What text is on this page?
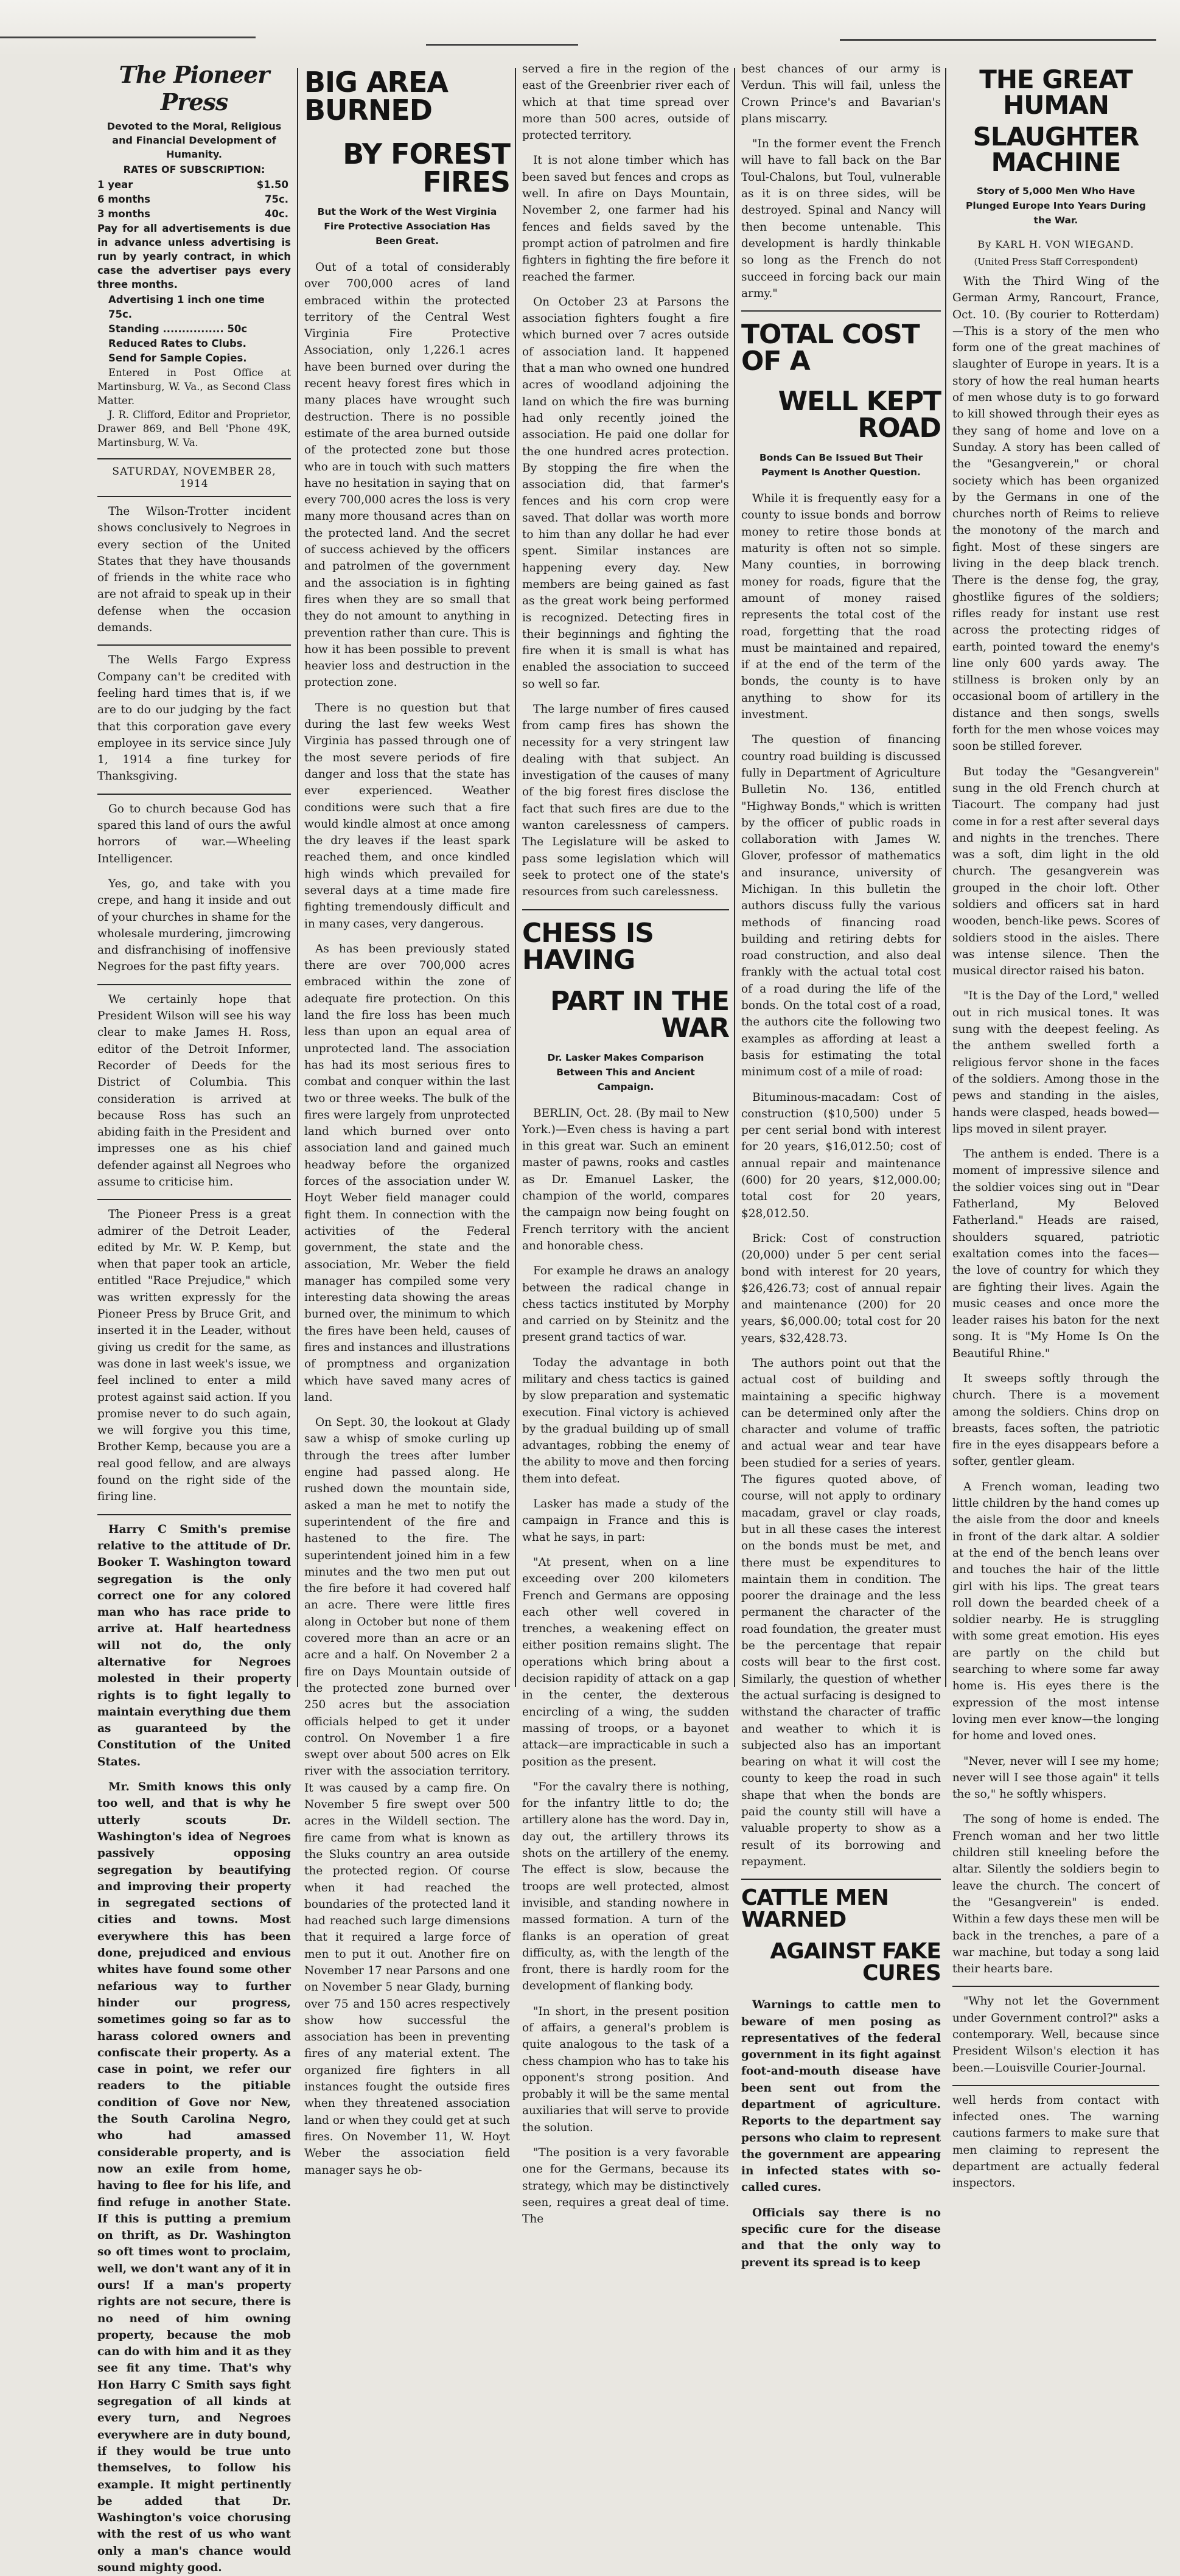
The Pioneer Press
Devoted to the Moral, Religious and Financial Development of Humanity.
RATES OF SUBSCRIPTION:
1 year	$1.50
6 months	75c.
3 months	40c.

Pay for all advertisements is due in advance unless advertising is run by yearly contract, in which case the advertiser pays every three months.

Advertising 1 inch one time 75c.
Standing ................ 50c
Reduced Rates to Clubs.
Send for Sample Copies.

Entered in Post Office at Martinsburg, W. Va., as Second Class Matter.

J. R. Clifford, Editor and Proprietor, Drawer 869, and Bell 'Phone 49K, Martinsburg, W. Va.

SATURDAY, NOVEMBER 28, 1914

The Wilson-Trotter incident shows conclusively to Negroes in every section of the United States that they have thousands of friends in the white race who are not afraid to speak up in their defense when the occasion demands.

The Wells Fargo Express Company can't be credited with feeling hard times that is, if we are to do our judging by the fact that this corporation gave every employee in its service since July 1, 1914 a fine turkey for Thanksgiving.

Go to church because God has spared this land of ours the awful horrors of war.—Wheeling Intelligencer.

Yes, go, and take with you crepe, and hang it inside and out of your churches in shame for the wholesale murdering, jimcrowing and disfranchising of inoffensive Negroes for the past fifty years.

We certainly hope that President Wilson will see his way clear to make James H. Ross, editor of the Detroit Informer, Recorder of Deeds for the District of Columbia. This consideration is arrived at because Ross has such an abiding faith in the President and impresses one as his chief defender against all Negroes who assume to criticise him.

The Pioneer Press is a great admirer of the Detroit Leader, edited by Mr. W. P. Kemp, but when that paper took an article, entitled "Race Prejudice," which was written expressly for the Pioneer Press by Bruce Grit, and inserted it in the Leader, without giving us credit for the same, as was done in last week's issue, we feel inclined to enter a mild protest against said action. If you promise never to do such again, we will forgive you this time, Brother Kemp, because you are a real good fellow, and are always found on the right side of the firing line.

Harry C Smith's premise relative to the attitude of Dr. Booker T. Washington toward segregation is the only correct one for any colored man who has race pride to arrive at. Half heartedness will not do, the only alternative for Negroes molested in their property rights is to fight legally to maintain everything due them as guaranteed by the Constitution of the United States.

Mr. Smith knows this only too well, and that is why he utterly scouts Dr. Washington's idea of Negroes passively opposing segregation by beautifying and improving their property in segregated sections of cities and towns. Most everywhere this has been done, prejudiced and envious whites have found some other nefarious way to further hinder our progress, sometimes going so far as to harass colored owners and confiscate their property. As a case in point, we refer our readers to the pitiable condition of Gove nor New, the South Carolina Negro, who had amassed considerable property, and is now an exile from home, having to flee for his life, and find refuge in another State. If this is putting a premium on thrift, as Dr. Washington so oft times wont to proclaim, well, we don't want any of it in ours! If a man's property rights are not secure, there is no need of him owning property, because the mob can do with him and it as they see fit any time. That's why Hon Harry C Smith says fight segregation of all kinds at every turn, and Negroes everywhere are in duty bound, if they would be true unto themselves, to follow his example. It might pertinently be added that Dr. Washington's voice chorusing with the rest of us who want only a man's chance would sound mighty good.

BIG AREA BURNED
BY FOREST FIRES
But the Work of the West Virginia Fire Protective Association Has Been Great.

Out of a total of considerably over 700,000 acres of land embraced within the protected territory of the Central West Virginia Fire Protective Association, only 1,226.1 acres have been burned over during the recent heavy forest fires which in many places have wrought such destruction. There is no possible estimate of the area burned outside of the protected zone but those who are in touch with such matters have no hesitation in saying that on every 700,000 acres the loss is very many more thousand acres than on the protected land. And the secret of success achieved by the officers and patrolmen of the government and the association is in fighting fires when they are so small that they do not amount to anything in prevention rather than cure. This is how it has been possible to prevent heavier loss and destruction in the protection zone.

There is no question but that during the last few weeks West Virginia has passed through one of the most severe periods of fire danger and loss that the state has ever experienced. Weather conditions were such that a fire would kindle almost at once among the dry leaves if the least spark reached them, and once kindled high winds which prevailed for several days at a time made fire fighting tremendously difficult and in many cases, very dangerous.

As has been previously stated there are over 700,000 acres embraced within the zone of adequate fire protection. On this land the fire loss has been much less than upon an equal area of unprotected land. The association has had its most serious fires to combat and conquer within the last two or three weeks. The bulk of the fires were largely from unprotected land which burned over onto association land and gained much headway before the organized forces of the association under W. Hoyt Weber field manager could fight them. In connection with the activities of the Federal government, the state and the association, Mr. Weber the field manager has compiled some very interesting data showing the areas burned over, the minimum to which the fires have been held, causes of fires and instances and illustrations of promptness and organization which have saved many acres of land.

On Sept. 30, the lookout at Glady saw a whisp of smoke curling up through the trees after lumber engine had passed along. He rushed down the mountain side, asked a man he met to notify the superintendent of the fire and hastened to the fire. The superintendent joined him in a few minutes and the two men put out the fire before it had covered half an acre. There were little fires along in October but none of them covered more than an acre or an acre and a half. On November 2 a fire on Days Mountain outside of the protected zone burned over 250 acres but the association officials helped to get it under control. On November 1 a fire swept over about 500 acres on Elk river with the association territory. It was caused by a camp fire. On November 5 fire swept over 500 acres in the Wildell section. The fire came from what is known as the Sluks country an area outside the protected region. Of course when it had reached the boundaries of the protected land it had reached such large dimensions that it required a large force of men to put it out. Another fire on November 17 near Parsons and one on November 5 near Glady, burning over 75 and 150 acres respectively show how successful the association has been in preventing fires of any material extent. The organized fire fighters in all instances fought the outside fires when they threatened association land or when they could get at such fires. On November 11, W. Hoyt Weber the association field manager says he ob-

served a fire in the region of the east of the Greenbrier river each of which at that time spread over more than 500 acres, outside of protected territory.

It is not alone timber which has been saved but fences and crops as well. In afire on Days Mountain, November 2, one farmer had his fences and fields saved by the prompt action of patrolmen and fire fighters in fighting the fire before it reached the farmer.

On October 23 at Parsons the association fighters fought a fire which burned over 7 acres outside of association land. It happened that a man who owned one hundred acres of woodland adjoining the land on which the fire was burning had only recently joined the association. He paid one dollar for the one hundred acres protection. By stopping the fire when the association did, that farmer's fences and his corn crop were saved. That dollar was worth more to him than any dollar he had ever spent. Similar instances are happening every day. New members are being gained as fast as the great work being performed is recognized. Detecting fires in their beginnings and fighting the fire when it is small is what has enabled the association to succeed so well so far.

The large number of fires caused from camp fires has shown the necessity for a very stringent law dealing with that subject. An investigation of the causes of many of the big forest fires disclose the fact that such fires are due to the wanton carelessness of campers. The Legislature will be asked to pass some legislation which will seek to protect one of the state's resources from such carelessness.

CHESS IS HAVING
PART IN THE WAR
Dr. Lasker Makes Comparison Between This and Ancient Campaign.

BERLIN, Oct. 28. (By mail to New York.)—Even chess is having a part in this great war. Such an eminent master of pawns, rooks and castles as Dr. Emanuel Lasker, the champion of the world, compares the campaign now being fought on French territory with the ancient and honorable chess.

For example he draws an analogy between the radical change in chess tactics instituted by Morphy and carried on by Steinitz and the present grand tactics of war.

Today the advantage in both military and chess tactics is gained by slow preparation and systematic execution. Final victory is achieved by the gradual building up of small advantages, robbing the enemy of the ability to move and then forcing them into defeat.

Lasker has made a study of the campaign in France and this is what he says, in part:

"At present, when on a line exceeding over 200 kilometers French and Germans are opposing each other well covered in trenches, a weakening effect on either position remains slight. The operations which bring about a decision rapidity of attack on a gap in the center, the dexterous encircling of a wing, the sudden massing of troops, or a bayonet attack—are impracticable in such a position as the present.

"For the cavalry there is nothing, for the infantry little to do; the artillery alone has the word. Day in, day out, the artillery throws its shots on the artillery of the enemy. The effect is slow, because the troops are well protected, almost invisible, and standing nowhere in massed formation. A turn of the flanks is an operation of great difficulty, as, with the length of the front, there is hardly room for the development of flanking body.

"In short, in the present position of affairs, a general's problem is quite analogous to the task of a chess champion who has to take his opponent's strong position. And probably it will be the same mental auxiliaries that will serve to provide the solution.

"The position is a very favorable one for the Germans, because its strategy, which may be distinctively seen, requires a great deal of time. The

best chances of our army is Verdun. This will fail, unless the Crown Prince's and Bavarian's plans miscarry.

"In the former event the French will have to fall back on the Bar Toul-Chalons, but Toul, vulnerable as it is on three sides, will be destroyed. Spinal and Nancy will then become untenable. This development is hardly thinkable so long as the French do not succeed in forcing back our main army."

TOTAL COST OF A
WELL KEPT ROAD
Bonds Can Be Issued But Their Payment Is Another Question.

While it is frequently easy for a county to issue bonds and borrow money to retire those bonds at maturity is often not so simple. Many counties, in borrowing money for roads, figure that the amount of money raised represents the total cost of the road, forgetting that the road must be maintained and repaired, if at the end of the term of the bonds, the county is to have anything to show for its investment.

The question of financing country road building is discussed fully in Department of Agriculture Bulletin No. 136, entitled "Highway Bonds," which is written by the officer of public roads in collaboration with James W. Glover, professor of mathematics and insurance, university of Michigan. In this bulletin the authors discuss fully the various methods of financing road building and retiring debts for road construction, and also deal frankly with the actual total cost of a road during the life of the bonds. On the total cost of a road, the authors cite the following two examples as affording at least a basis for estimating the total minimum cost of a mile of road:

Bituminous-macadam: Cost of construction ($10,500) under 5 per cent serial bond with interest for 20 years, $16,012.50; cost of annual repair and maintenance (600) for 20 years, $12,000.00; total cost for 20 years, $28,012.50.

Brick: Cost of construction (20,000) under 5 per cent serial bond with interest for 20 years, $26,426.73; cost of annual repair and maintenance (200) for 20 years, $6,000.00; total cost for 20 years, $32,428.73.

The authors point out that the actual cost of building and maintaining a specific highway can be determined only after the character and volume of traffic and actual wear and tear have been studied for a series of years. The figures quoted above, of course, will not apply to ordinary macadam, gravel or clay roads, but in all these cases the interest on the bonds must be met, and there must be expenditures to maintain them in condition. The poorer the drainage and the less permanent the character of the road foundation, the greater must be the percentage that repair costs will bear to the first cost. Similarly, the question of whether the actual surfacing is designed to withstand the character of traffic and weather to which it is subjected also has an important bearing on what it will cost the county to keep the road in such shape that when the bonds are paid the county still will have a valuable property to show as a result of its borrowing and repayment.

CATTLE MEN WARNED
AGAINST FAKE CURES

Warnings to cattle men to beware of men posing as representatives of the federal government in its fight against foot-and-mouth disease have been sent out from the department of agriculture. Reports to the department say persons who claim to represent the government are appearing in infected states with so-called cures.

Officials say there is no specific cure for the disease and that the only way to prevent its spread is to keep

THE GREAT HUMAN
SLAUGHTER MACHINE
Story of 5,000 Men Who Have Plunged Europe Into Years During the War.
By KARL H. VON WIEGAND.
(United Press Staff Correspondent)

With the Third Wing of the German Army, Rancourt, France, Oct. 10. (By courier to Rotterdam)—This is a story of the men who form one of the great machines of slaughter of Europe in years. It is a story of how the real human hearts of men whose duty is to go forward to kill showed through their eyes as they sang of home and love on a Sunday. A story has been called of the "Gesangverein," or choral society which has been organized by the Germans in one of the churches north of Reims to relieve the monotony of the march and fight. Most of these singers are living in the deep black trench. There is the dense fog, the gray, ghostlike figures of the soldiers; rifles ready for instant use rest across the protecting ridges of earth, pointed toward the enemy's line only 600 yards away. The stillness is broken only by an occasional boom of artillery in the distance and then songs, swells forth for the men whose voices may soon be stilled forever.

But today the "Gesangverein" sung in the old French church at Tiacourt. The company had just come in for a rest after several days and nights in the trenches. There was a soft, dim light in the old church. The gesangverein was grouped in the choir loft. Other soldiers and officers sat in hard wooden, bench-like pews. Scores of soldiers stood in the aisles. There was intense silence. Then the musical director raised his baton.

"It is the Day of the Lord," welled out in rich musical tones. It was sung with the deepest feeling. As the anthem swelled forth a religious fervor shone in the faces of the soldiers. Among those in the pews and standing in the aisles, hands were clasped, heads bowed—lips moved in silent prayer.

The anthem is ended. There is a moment of impressive silence and the soldier voices sing out in "Dear Fatherland, My Beloved Fatherland." Heads are raised, shoulders squared, patriotic exaltation comes into the faces—the love of country for which they are fighting their lives. Again the music ceases and once more the leader raises his baton for the next song. It is "My Home Is On the Beautiful Rhine."

It sweeps softly through the church. There is a movement among the soldiers. Chins drop on breasts, faces soften, the patriotic fire in the eyes disappears before a softer, gentler gleam.

A French woman, leading two little children by the hand comes up the aisle from the door and kneels in front of the dark altar. A soldier at the end of the bench leans over and touches the hair of the little girl with his lips. The great tears roll down the bearded cheek of a soldier nearby. He is struggling with some great emotion. His eyes are partly on the child but searching to where some far away home is. His eyes there is the expression of the most intense loving men ever know—the longing for home and loved ones.

"Never, never will I see my home; never will I see those again" it tells the so," he softly whispers.

The song of home is ended. The French woman and her two little children still kneeling before the altar. Silently the soldiers begin to leave the church. The concert of the "Gesangverein" is ended. Within a few days these men will be back in the trenches, a pare of a war machine, but today a song laid their hearts bare.

"Why not let the Government under Government control?" asks a contemporary. Well, because since President Wilson's election it has been.—Louisville Courier-Journal.

well herds from contact with infected ones. The warning cautions farmers to make sure that men claiming to represent the department are actually federal inspectors.
